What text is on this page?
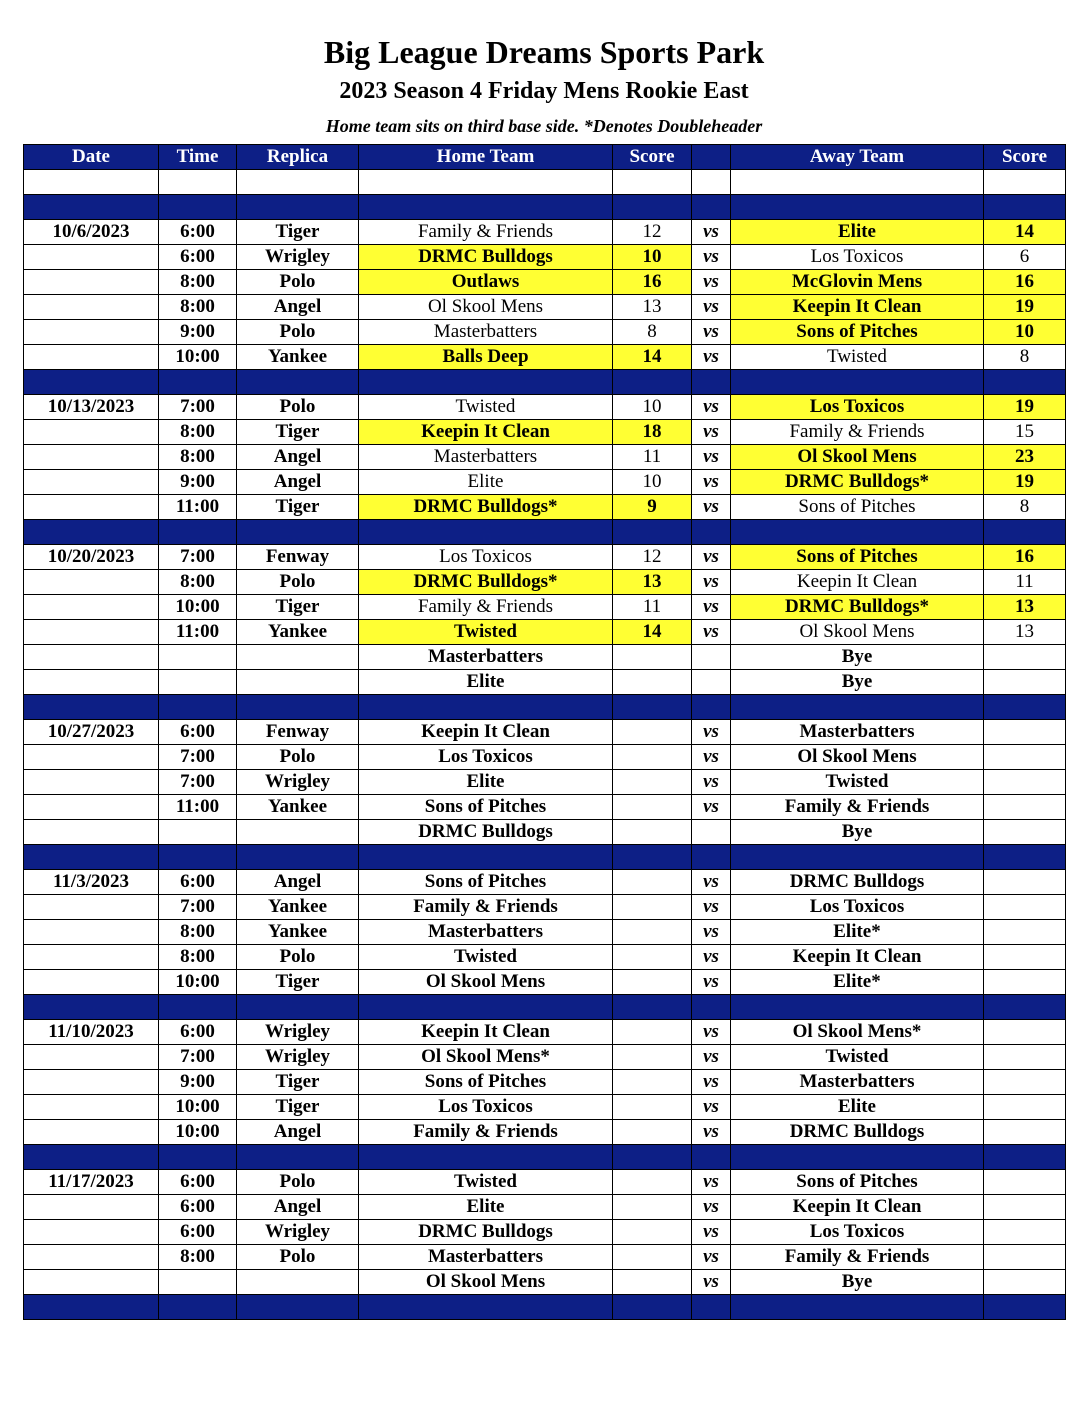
Big League Dreams Sports Park
2023 Season 4 Friday Mens Rookie East
Home team sits on third base side. *Denotes Doubleheader
Date	Time	Replica	Home Team	Score		Away Team	Score

10/6/2023	6:00	Tiger	Family & Friends	12	vs	Elite	14
	6:00	Wrigley	DRMC Bulldogs	10	vs	Los Toxicos	6
	8:00	Polo	Outlaws	16	vs	McGlovin Mens	16
	8:00	Angel	Ol Skool Mens	13	vs	Keepin It Clean	19
	9:00	Polo	Masterbatters	8	vs	Sons of Pitches	10
	10:00	Yankee	Balls Deep	14	vs	Twisted	8

10/13/2023	7:00	Polo	Twisted	10	vs	Los Toxicos	19
	8:00	Tiger	Keepin It Clean	18	vs	Family & Friends	15
	8:00	Angel	Masterbatters	11	vs	Ol Skool Mens	23
	9:00	Angel	Elite	10	vs	DRMC Bulldogs*	19
	11:00	Tiger	DRMC Bulldogs*	9	vs	Sons of Pitches	8

10/20/2023	7:00	Fenway	Los Toxicos	12	vs	Sons of Pitches	16
	8:00	Polo	DRMC Bulldogs*	13	vs	Keepin It Clean	11
	10:00	Tiger	Family & Friends	11	vs	DRMC Bulldogs*	13
	11:00	Yankee	Twisted	14	vs	Ol Skool Mens	13
			Masterbatters			Bye	
			Elite			Bye	

10/27/2023	6:00	Fenway	Keepin It Clean		vs	Masterbatters	
	7:00	Polo	Los Toxicos		vs	Ol Skool Mens	
	7:00	Wrigley	Elite		vs	Twisted	
	11:00	Yankee	Sons of Pitches		vs	Family & Friends	
			DRMC Bulldogs			Bye	

11/3/2023	6:00	Angel	Sons of Pitches		vs	DRMC Bulldogs	
	7:00	Yankee	Family & Friends		vs	Los Toxicos	
	8:00	Yankee	Masterbatters		vs	Elite*	
	8:00	Polo	Twisted		vs	Keepin It Clean	
	10:00	Tiger	Ol Skool Mens		vs	Elite*	

11/10/2023	6:00	Wrigley	Keepin It Clean		vs	Ol Skool Mens*	
	7:00	Wrigley	Ol Skool Mens*		vs	Twisted	
	9:00	Tiger	Sons of Pitches		vs	Masterbatters	
	10:00	Tiger	Los Toxicos		vs	Elite	
	10:00	Angel	Family & Friends		vs	DRMC Bulldogs	

11/17/2023	6:00	Polo	Twisted		vs	Sons of Pitches	
	6:00	Angel	Elite		vs	Keepin It Clean	
	6:00	Wrigley	DRMC Bulldogs		vs	Los Toxicos	
	8:00	Polo	Masterbatters		vs	Family & Friends	
			Ol Skool Mens		vs	Bye	
